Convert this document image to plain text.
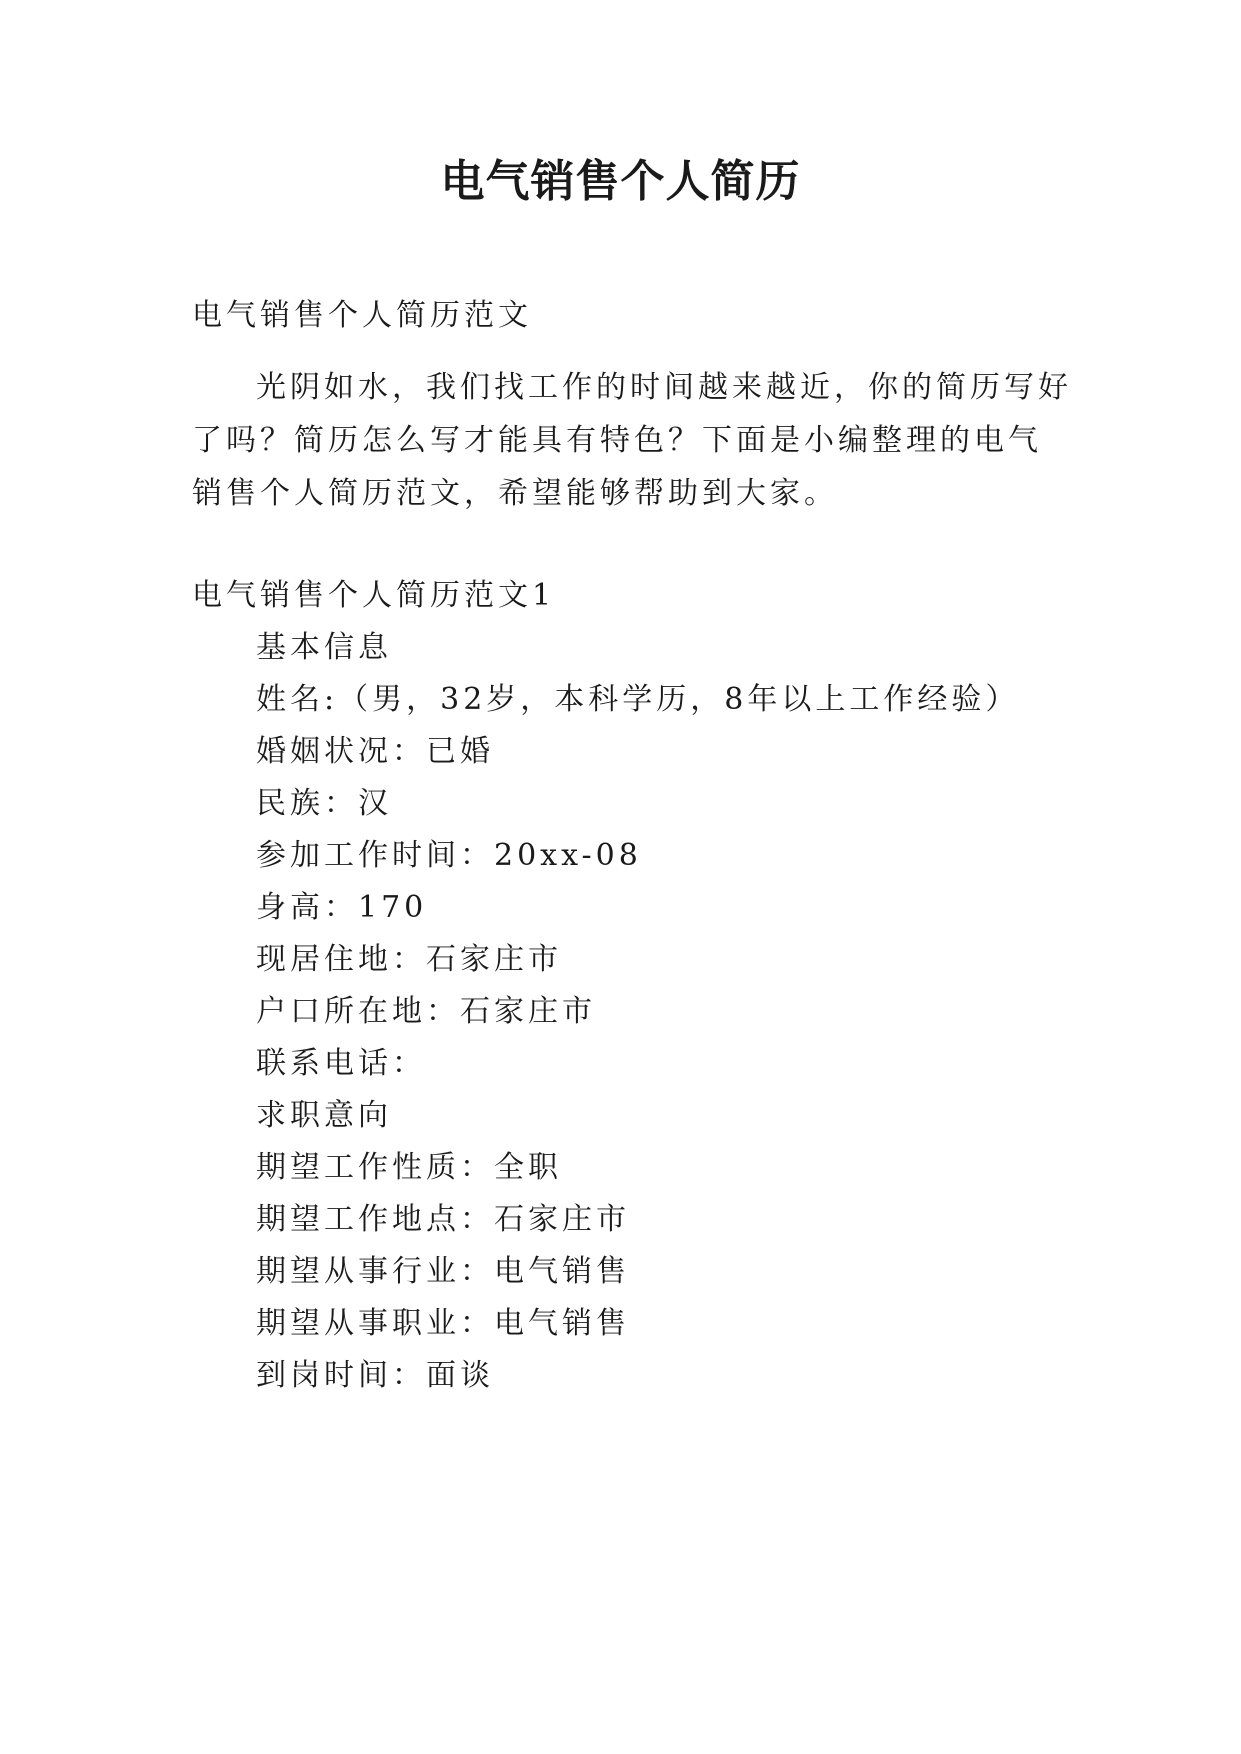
电气销售个人简历
电气销售个人简历范文
光阴如水，我们找工作的时间越来越近，你的简历写好
了吗？简历怎么写才能具有特色？下面是小编整理的电气
销售个人简历范文，希望能够帮助到大家。
电气销售个人简历范文1
基本信息
姓名:（男，32岁，本科学历，8年以上工作经验）
婚姻状况：已婚
民族：汉
参加工作时间：20xx-08
身高：170
现居住地：石家庄市
户口所在地：石家庄市
联系电话：
求职意向
期望工作性质：全职
期望工作地点：石家庄市
期望从事行业：电气销售
期望从事职业：电气销售
到岗时间：面谈
